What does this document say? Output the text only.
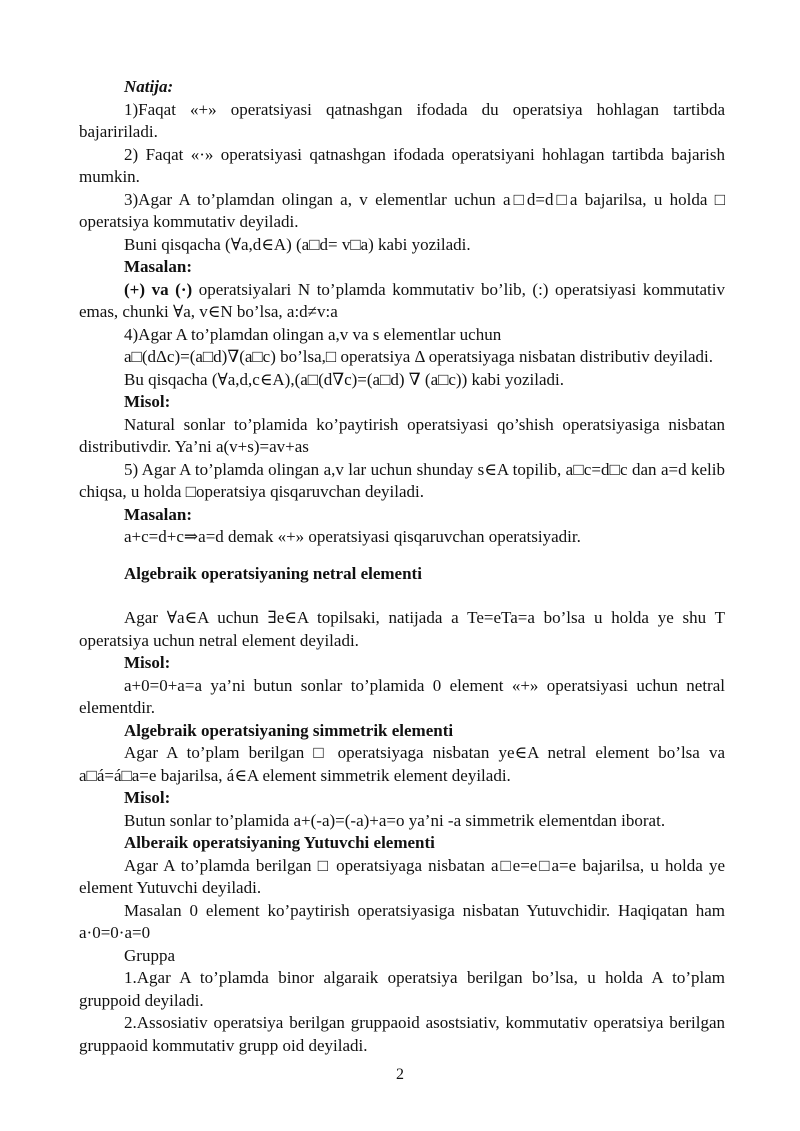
Natija:

1)Faqat «+» operatsiyasi qatnashgan ifodada du operatsiya hohlagan tartibda bajaririladi.

2) Faqat «·» operatsiyasi qatnashgan ifodada operatsiyani hohlagan tartibda bajarish mumkin.

3)Agar A to’plamdan olingan a, v elementlar uchun a□d=d□a bajarilsa, u holda □ operatsiya kommutativ deyiladi.

Buni qisqacha (∀a,d∈A) (a□d= v□a) kabi yoziladi.

Masalan:

(+) va (·) operatsiyalari N to’plamda kommutativ bo’lib, (:) operatsiyasi kommutativ emas, chunki ∀a, v∈N bo’lsa, a:d≠v:a

4)Agar A to’plamdan olingan a,v va s elementlar uchun

a□(dΔc)=(a□d)∇(a□c) bo’lsa,□ operatsiya Δ operatsiyaga nisbatan distributiv deyiladi.

Bu qisqacha (∀a,d,c∈A),(a□(d∇c)=(a□d) ∇ (a□c)) kabi yoziladi.

Misol:

Natural sonlar to’plamida ko’paytirish operatsiyasi qo’shish operatsiyasiga nisbatan distributivdir. Ya’ni a(v+s)=av+as

5) Agar A to’plamda olingan a,v lar uchun shunday s∈A topilib, a□c=d□c dan a=d kelib chiqsa, u holda □operatsiya qisqaruvchan deyiladi.

Masalan:

a+c=d+c⇒a=d demak «+» operatsiyasi qisqaruvchan operatsiyadir.

Algebraik operatsiyaning netral elementi

Agar ∀a∈A uchun ∃e∈A topilsaki, natijada a Te=eTa=a bo’lsa u holda ye shu T operatsiya uchun netral element deyiladi.

Misol:

a+0=0+a=a ya’ni butun sonlar to’plamida 0 element «+» operatsiyasi uchun netral elementdir.

Algebraik operatsiyaning simmetrik elementi

Agar A to’plam berilgan □ operatsiyaga nisbatan ye∈A netral element bo’lsa va a□á=á□a=e bajarilsa, á∈A element simmetrik element deyiladi.

Misol:

Butun sonlar to’plamida a+(-a)=(-a)+a=o ya’ni -a simmetrik elementdan iborat.

Alberaik operatsiyaning Yutuvchi elementi

Agar A to’plamda berilgan □ operatsiyaga nisbatan a□e=e□a=e bajarilsa, u holda ye element Yutuvchi deyiladi.

Masalan 0 element ko’paytirish operatsiyasiga nisbatan Yutuvchidir. Haqiqatan ham a·0=0·a=0

Gruppa

1.Agar A to’plamda binor algaraik operatsiya berilgan bo’lsa, u holda A to’plam gruppoid deyiladi.

2.Assosiativ operatsiya berilgan gruppaoid asostsiativ, kommutativ operatsiya berilgan gruppaoid kommutativ grupp oid deyiladi.

2
